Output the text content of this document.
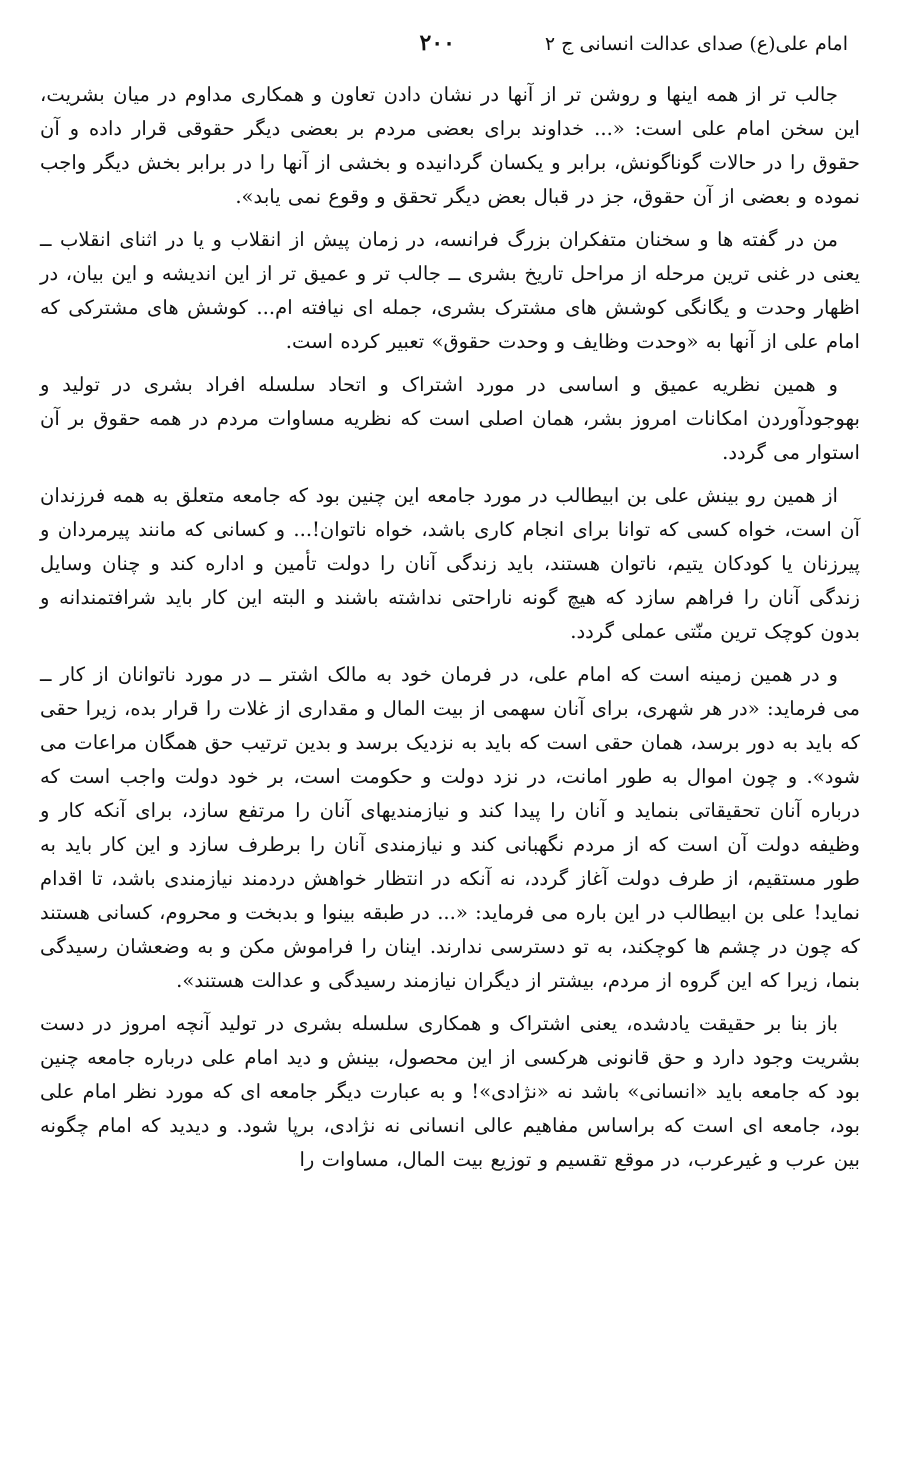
امام علی(ع) صدای عدالت انسانی ج ۲
۲۰۰

جالب تر از همه اینها و روشن تر از آنها در نشان دادن تعاون و همکاری مداوم در میان بشریت، این سخن امام علی است: «... خداوند برای بعضی مردم بر بعضی دیگر حقوقی قرار داده و آن حقوق را در حالات گوناگونش، برابر و یکسان گردانیده و بخشی از آنها را در برابر بخش دیگر واجب نموده و بعضی از آن حقوق، جز در قبال بعض دیگر تحقق و وقوع نمی یابد».

من در گفته ها و سخنان متفکران بزرگ فرانسه، در زمان پیش از انقلاب و یا در اثنای انقلاب ــ یعنی در غنی ترین مرحله از مراحل تاریخ بشری ــ جالب تر و عمیق تر از این اندیشه و این بیان، در اظهار وحدت و یگانگی کوشش های مشترک بشری، جمله ای نیافته ام... کوشش های مشترکی که امام علی از آنها به «وحدت وظایف و وحدت حقوق» تعبیر کرده است.

و همین نظریه عمیق و اساسی در مورد اشتراک و اتحاد سلسله افراد بشری در تولید و بهوجودآوردن امکانات امروز بشر، همان اصلی است که نظریه مساوات مردم در همه حقوق بر آن استوار می گردد.

از همین رو بینش علی بن ابیطالب در مورد جامعه این چنین بود که جامعه متعلق به همه فرزندان آن است، خواه کسی که توانا برای انجام کاری باشد، خواه ناتوان!... و کسانی که مانند پیرمردان و پیرزنان یا کودکان یتیم، ناتوان هستند، باید زندگی آنان را دولت تأمین و اداره کند و چنان وسایل زندگی آنان را فراهم سازد که هیچ گونه ناراحتی نداشته باشند و البته این کار باید شرافتمندانه و بدون کوچک ترین منّتی عملی گردد.

و در همین زمینه است که امام علی، در فرمان خود به مالک اشتر ــ در مورد ناتوانان از کار ــ می فرماید: «در هر شهری، برای آنان سهمی از بیت المال و مقداری از غلات را قرار بده، زیرا حقی که باید به دور برسد، همان حقی است که باید به نزدیک برسد و بدین ترتیب حق همگان مراعات می شود». و چون اموال به طور امانت، در نزد دولت و حکومت است، بر خود دولت واجب است که درباره آنان تحقیقاتی بنماید و آنان را پیدا کند و نیازمندیهای آنان را مرتفع سازد، برای آنکه کار و وظیفه دولت آن است که از مردم نگهبانی کند و نیازمندی آنان را برطرف سازد و این کار باید به طور مستقیم، از طرف دولت آغاز گردد، نه آنکه در انتظار خواهش دردمند نیازمندی باشد، تا اقدام نماید! علی بن ابیطالب در این باره می فرماید: «... در طبقه بینوا و بدبخت و محروم، کسانی هستند که چون در چشم ها کوچکند، به تو دسترسی ندارند. اینان را فراموش مکن و به وضعشان رسیدگی بنما، زیرا که این گروه از مردم، بیشتر از دیگران نیازمند رسیدگی و عدالت هستند».

باز بنا بر حقیقت یادشده، یعنی اشتراک و همکاری سلسله بشری در تولید آنچه امروز در دست بشریت وجود دارد و حق قانونی هرکسی از این محصول، بینش و دید امام علی درباره جامعه چنین بود که جامعه باید «انسانی» باشد نه «نژادی»! و به عبارت دیگر جامعه ای که مورد نظر امام علی بود، جامعه ای است که براساس مفاهیم عالی انسانی نه نژادی، برپا شود. و دیدید که امام چگونه بین عرب و غیرعرب، در موقع تقسیم و توزیع بیت المال، مساوات را
